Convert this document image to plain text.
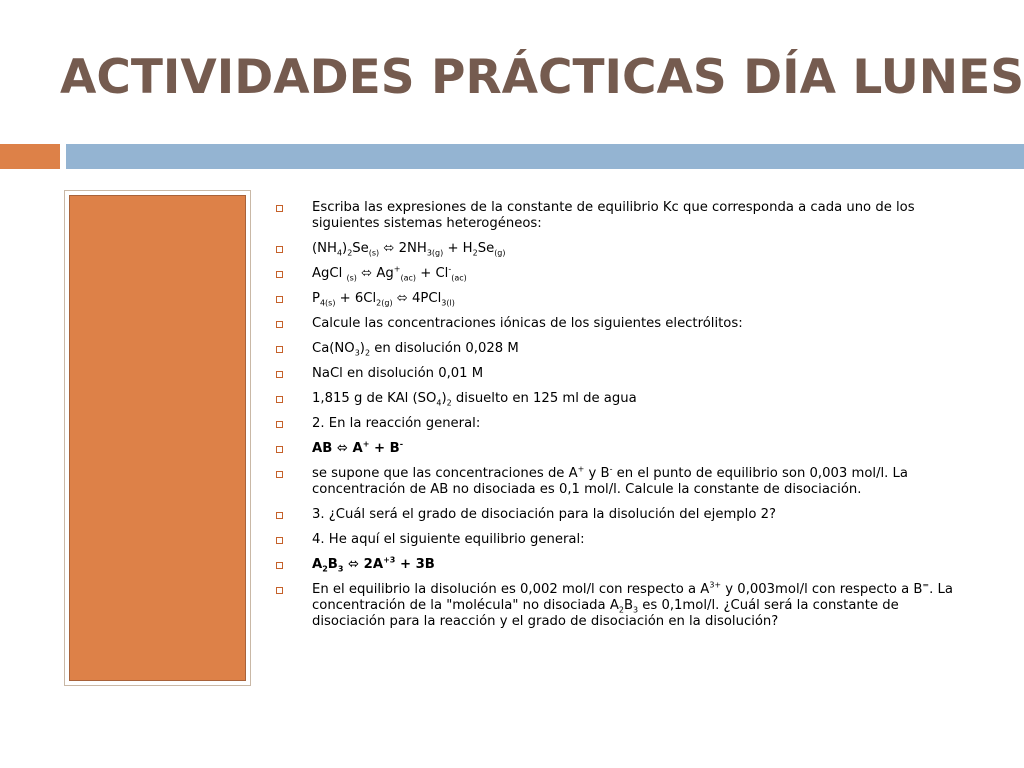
ACTIVIDADES PRÁCTICAS DÍA LUNES
Escriba las expresiones de la constante de equilibrio Kc que corresponda a cada uno de los siguientes sistemas heterogéneos:
$(NH_4)_2Se_{(s)}$ ⬄ $2NH_{3(g)} + H_2Se_{(g)}$
AgCl $_{(s)}$ ⬄ $Ag^+_{(ac)} + Cl^-_{(ac)}$
$P_{4(s)} + 6Cl_{2(g)}$ ⬄ 4PCl$_{3(l)}$
Calcule las concentraciones iónicas de los siguientes electrólitos:
$Ca(NO_3)_2$ en disolución 0,028 M
NaCl en disolución 0,01 M
1,815 g de KAl $(SO_4)_2$ disuelto en 125 ml de agua
2. En la reacción general:
AB ⬄ A+ + B-
se supone que las concentraciones de A+ y B- en el punto de equilibrio son 0,003 mol/l. La concentración de AB no disociada es 0,1 mol/l. Calcule la constante de disociación.
3. ¿Cuál será el grado de disociación para la disolución del ejemplo 2?
4. He aquí el siguiente equilibrio general:
$A_2B_3$ ⬄ $2A^{+3} + 3B$
En el equilibrio la disolución es 0,002 mol/l con respecto a $A^{3+}$ y 0,003mol/l con respecto a B=. La concentración de la "molécula" no disociada $A_2B_3$ es 0,1mol/l. ¿Cuál será la constante de disociación para la reacción y el grado de disociación en la disolución?
